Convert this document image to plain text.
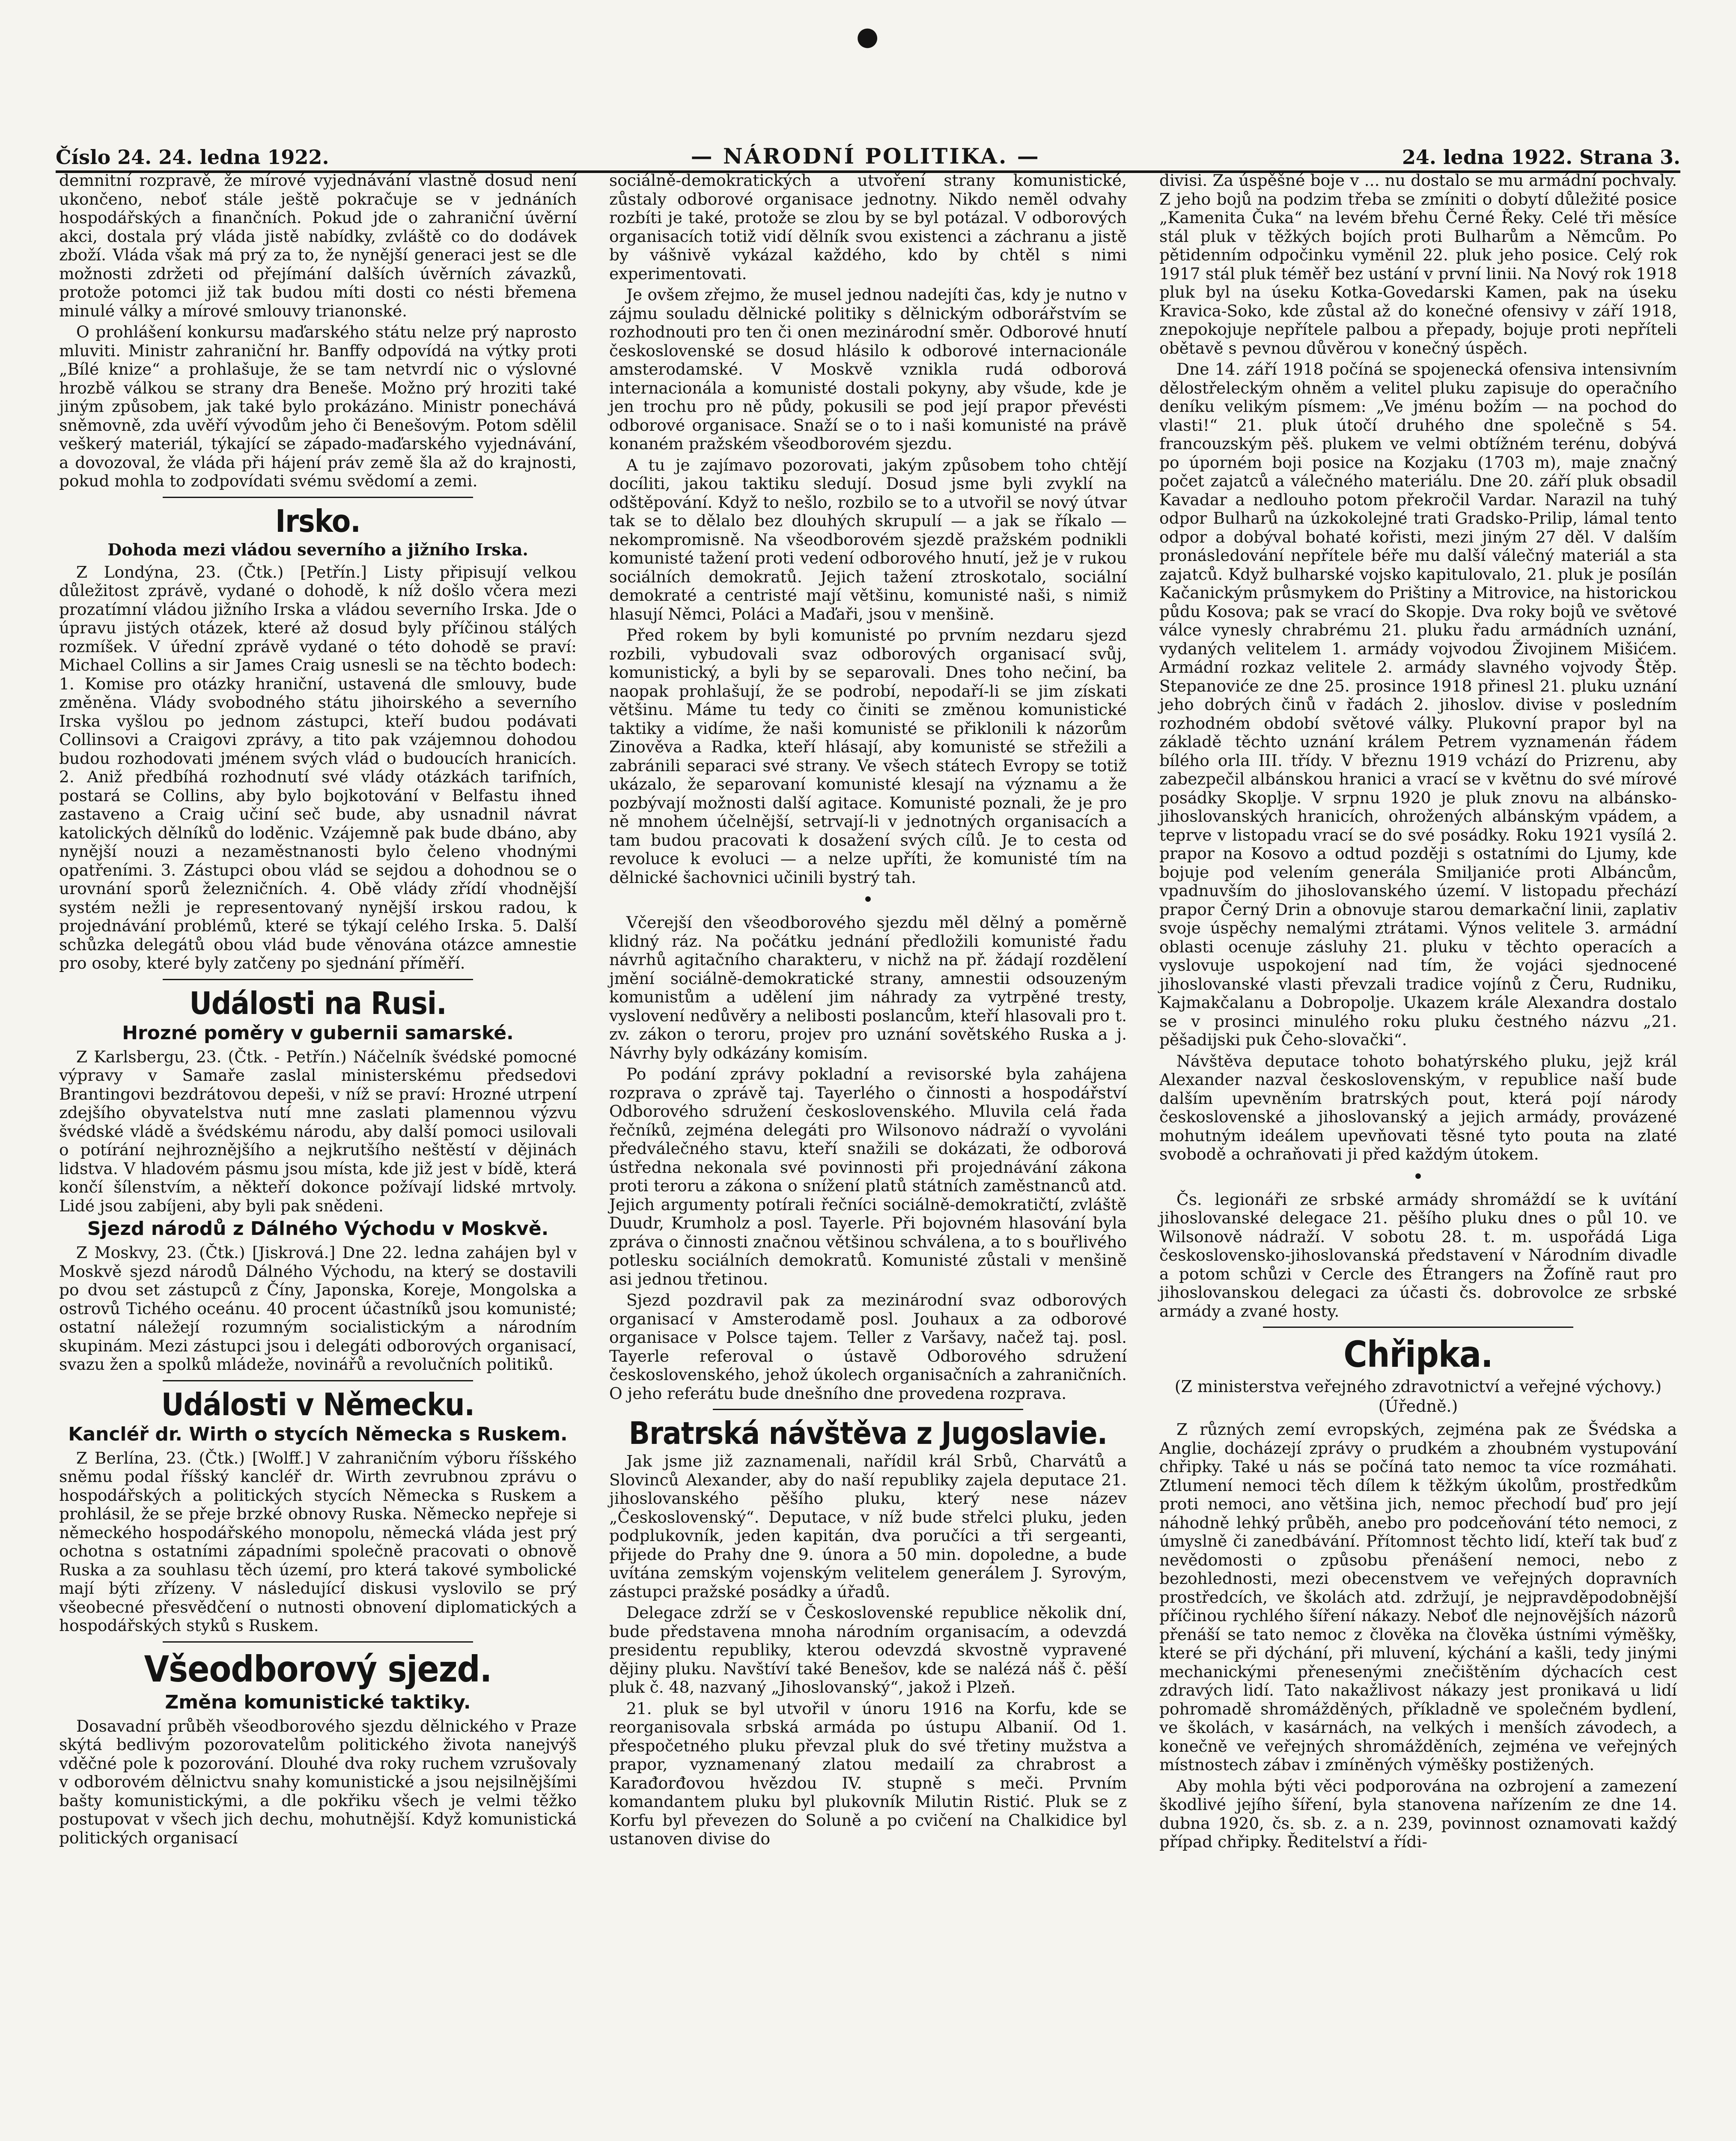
●
Číslo 24. 24. ledna 1922.	— NÁRODNÍ POLITIKA. —	24. ledna 1922. Strana 3.

demnitní rozpravě, že mírové vyjednávání vlastně dosud není ukončeno, neboť stále ještě pokračuje se v jednáních hospodářských a finančních. Pokud jde o zahraniční úvěrní akci, dostala prý vláda jistě nabídky, zvláště co do dodávek zboží. Vláda však má prý za to, že nynější generaci jest se dle možnosti zdržeti od přejímání dalších úvěrních závazků, protože potomci již tak budou míti dosti co nésti břemena minulé války a mírové smlouvy trianonské.

O prohlášení konkursu maďarského státu nelze prý naprosto mluviti. Ministr zahraniční hr. Banffy odpovídá na výtky proti „Bílé knize“ a prohlašuje, že se tam netvrdí nic o výslovné hrozbě válkou se strany dra Beneše. Možno prý hroziti také jiným způsobem, jak také bylo prokázáno. Ministr ponechává sněmovně, zda uvěří vývodům jeho či Benešovým. Potom sdělil veškerý materiál, týkající se západo-maďarského vyjednávání, a dovozoval, že vláda při hájení práv země šla až do krajnosti, pokud mohla to zodpovídati svému svědomí a zemi.

Irsko.
Dohoda mezi vládou severního a jižního Irska.

Z Londýna, 23. (Čtk.) [Petřín.] Listy připisují velkou důležitost zprávě, vydané o dohodě, k níž došlo včera mezi prozatímní vládou jižního Irska a vládou severního Irska. Jde o úpravu jistých otázek, které až dosud byly příčinou stálých rozmíšek. V úřední zprávě vydané o této dohodě se praví: Michael Collins a sir James Craig usnesli se na těchto bodech: 1. Komise pro otázky hraniční, ustavená dle smlouvy, bude změněna. Vlády svobodného státu jihoirského a severního Irska vyšlou po jednom zástupci, kteří budou podávati Collinsovi a Craigovi zprávy, a tito pak vzájemnou dohodou budou rozhodovati jménem svých vlád o budoucích hranicích. 2. Aniž předbíhá rozhodnutí své vlády otázkách tarifních, postará se Collins, aby bylo bojkotování v Belfastu ihned zastaveno a Craig učiní seč bude, aby usnadnil návrat katolických dělníků do loděnic. Vzájemně pak bude dbáno, aby nynější nouzi a nezaměstnanosti bylo čeleno vhodnými opatřeními. 3. Zástupci obou vlád se sejdou a dohodnou se o urovnání sporů železničních. 4. Obě vlády zřídí vhodnější systém nežli je representovaný nynější irskou radou, k projednávání problémů, které se týkají celého Irska. 5. Další schůzka delegátů obou vlád bude věnována otázce amnestie pro osoby, které byly zatčeny po sjednání příměří.

Události na Rusi.
Hrozné poměry v gubernii samarské.

Z Karlsbergu, 23. (Čtk. - Petřín.) Náčelník švédské pomocné výpravy v Samaře zaslal ministerskému předsedovi Brantingovi bezdrátovou depeši, v níž se praví: Hrozné utrpení zdejšího obyvatelstva nutí mne zaslati plamennou výzvu švédské vládě a švédskému národu, aby další pomoci usilovali o potírání nejhroznějšího a nejkrutšího neštěstí v dějinách lidstva. V hladovém pásmu jsou místa, kde již jest v bídě, která končí šílenstvím, a někteří dokonce požívají lidské mrtvoly. Lidé jsou zabíjeni, aby byli pak snědeni.

Sjezd národů z Dálného Východu v Moskvě.

Z Moskvy, 23. (Čtk.) [Jiskrová.] Dne 22. ledna zahájen byl v Moskvě sjezd národů Dálného Východu, na který se dostavili po dvou set zástupců z Číny, Japonska, Koreje, Mongolska a ostrovů Tichého oceánu. 40 procent účastníků jsou komunisté; ostatní náležejí rozumným socialistickým a národním skupinám. Mezi zástupci jsou i delegáti odborových organisací, svazu žen a spolků mládeže, novinářů a revolučních politiků.

Události v Německu.
Kancléř dr. Wirth o stycích Německa s Ruskem.

Z Berlína, 23. (Čtk.) [Wolff.] V zahraničním výboru říšského sněmu podal říšský kancléř dr. Wirth zevrubnou zprávu o hospodářských a politických stycích Německa s Ruskem a prohlásil, že se přeje brzké obnovy Ruska. Německo nepřeje si německého hospodářského monopolu, německá vláda jest prý ochotna s ostatními západními společně pracovati o obnově Ruska a za souhlasu těch území, pro která takové symbolické mají býti zřízeny. V následující diskusi vyslovilo se prý všeobecné přesvědčení o nutnosti obnovení diplomatických a hospodářských styků s Ruskem.

Všeodborový sjezd.
Změna komunistické taktiky.

Dosavadní průběh všeodborového sjezdu dělnického v Praze skýtá bedlivým pozorovatelům politického života nanejvýš vděčné pole k pozorování. Dlouhé dva roky ruchem vzrušovaly v odborovém dělnictvu snahy komunistické a jsou nejsilnějšími bašty komunistickými, a dle pokřiku všech je velmi těžko postupovat v všech jich dechu, mohutnější. Když komunistická politických organisací

sociálně-demokratických a utvoření strany komunistické, zůstaly odborové organisace jednotny. Nikdo neměl odvahy rozbíti je také, protože se zlou by se byl potázal. V odborových organisacích totiž vidí dělník svou existenci a záchranu a jistě by vášnivě vykázal každého, kdo by chtěl s nimi experimentovati.

Je ovšem zřejmo, že musel jednou nadejíti čas, kdy je nutno v zájmu souladu dělnické politiky s dělnickým odborářstvím se rozhodnouti pro ten či onen mezinárodní směr. Odborové hnutí československé se dosud hlásilo k odborové internacionále amsterodamské. V Moskvě vznikla rudá odborová internacionála a komunisté dostali pokyny, aby všude, kde je jen trochu pro ně půdy, pokusili se pod její prapor převésti odborové organisace. Snaží se o to i naši komunisté na právě konaném pražském všeodborovém sjezdu.

A tu je zajímavo pozorovati, jakým způsobem toho chtějí docíliti, jakou taktiku sledují. Dosud jsme byli zvyklí na odštěpování. Když to nešlo, rozbilo se to a utvořil se nový útvar tak se to dělalo bez dlouhých skrupulí — a jak se říkalo — nekompromisně. Na všeodborovém sjezdě pražském podnikli komunisté tažení proti vedení odborového hnutí, jež je v rukou sociálních demokratů. Jejich tažení ztroskotalo, sociální demokraté a centristé mají většinu, komunisté naši, s nimiž hlasují Němci, Poláci a Maďaři, jsou v menšině.

Před rokem by byli komunisté po prvním nezdaru sjezd rozbili, vybudovali svaz odborových organisací svůj, komunistický, a byli by se separovali. Dnes toho nečiní, ba naopak prohlašují, že se podrobí, nepodaří-li se jim získati většinu. Máme tu tedy co činiti se změnou komunistické taktiky a vidíme, že naši komunisté se přiklonili k názorům Zinověva a Radka, kteří hlásají, aby komunisté se střežili a zabránili separaci své strany. Ve všech státech Evropy se totiž ukázalo, že separovaní komunisté klesají na významu a že pozbývají možnosti další agitace. Komunisté poznali, že je pro ně mnohem účelnější, setrvají-li v jednotných organisacích a tam budou pracovati k dosažení svých cílů. Je to cesta od revoluce k evoluci — a nelze upříti, že komunisté tím na dělnické šachovnici učinili bystrý tah.

•

Včerejší den všeodborového sjezdu měl dělný a poměrně klidný ráz. Na počátku jednání předložili komunisté řadu návrhů agitačního charakteru, v nichž na př. žádají rozdělení jmění sociálně-demokratické strany, amnestii odsouzeným komunistům a udělení jim náhrady za vytrpěné tresty, vyslovení nedůvěry a nelibosti poslancům, kteří hlasovali pro t. zv. zákon o teroru, projev pro uznání sovětského Ruska a j. Návrhy byly odkázány komisím.

Po podání zprávy pokladní a revisorské byla zahájena rozprava o zprávě taj. Tayerlého o činnosti a hospodářství Odborového sdružení československého. Mluvila celá řada řečníků, zejména delegáti pro Wilsonovo nádraží o vyvoláni předválečného stavu, kteří snažili se dokázati, že odborová ústředna nekonala své povinnosti při projednávání zákona proti teroru a zákona o snížení platů státních zaměstnanců atd. Jejich argumenty potírali řečníci sociálně-demokratičtí, zvláště Duudr, Krumholz a posl. Tayerle. Při bojovném hlasování byla zpráva o činnosti značnou většinou schválena, a to s bouřlivého potlesku sociálních demokratů. Komunisté zůstali v menšině asi jednou třetinou.

Sjezd pozdravil pak za mezinárodní svaz odborových organisací v Amsterodamě posl. Jouhaux a za odborové organisace v Polsce tajem. Teller z Varšavy, načež taj. posl. Tayerle referoval o ústavě Odborového sdružení československého, jehož úkolech organisačních a zahraničních. O jeho referátu bude dnešního dne provedena rozprava.

Bratrská návštěva z Jugoslavie.

Jak jsme již zaznamenali, nařídil král Srbů, Charvátů a Slovinců Alexander, aby do naší republiky zajela deputace 21. jihoslovanského pěšího pluku, který nese název „Československý“. Deputace, v níž bude střelci pluku, jeden podplukovník, jeden kapitán, dva poručíci a tři sergeanti, přijede do Prahy dne 9. února a 50 min. dopoledne, a bude uvítána zemským vojenským velitelem generálem J. Syrovým, zástupci pražské posádky a úřadů.

Delegace zdrží se v Československé republice několik dní, bude představena mnoha národním organisacím, a odevzdá presidentu republiky, kterou odevzdá skvostně vypravené dějiny pluku. Navštíví také Benešov, kde se nalézá náš č. pěší pluk č. 48, nazvaný „Jihoslovanský“, jakož i Plzeň.

21. pluk se byl utvořil v únoru 1916 na Korfu, kde se reorganisovala srbská armáda po ústupu Albanií. Od 1. přespočetného pluku převzal pluk do své třetiny mužstva a prapor, vyznamenaný zlatou medailí za chrabrost a Karađorđovou hvězdou IV. stupně s meči. Prvním komandantem pluku byl plukovník Milutin Ristić. Pluk se z Korfu byl převezen do Soluně a po cvičení na Chalkidice byl ustanoven divise do

divisi. Za úspěšné boje v ... nu dostalo se mu armádní pochvaly. Z jeho bojů na podzim třeba se zmíniti o dobytí důležité posice „Kamenita Čuka“ na levém břehu Černé Řeky. Celé tři měsíce stál pluk v těžkých bojích proti Bulharům a Němcům. Po pětidenním odpočinku vyměnil 22. pluk jeho posice. Celý rok 1917 stál pluk téměř bez ustání v první linii. Na Nový rok 1918 pluk byl na úseku Kotka-Govedarski Kamen, pak na úseku Kravica-Soko, kde zůstal až do konečné ofensivy v září 1918, znepokojuje nepřítele palbou a přepady, bojuje proti nepříteli obětavě s pevnou důvěrou v konečný úspěch.

Dne 14. září 1918 počíná se spojenecká ofensiva intensivním dělostřeleckým ohněm a velitel pluku zapisuje do operačního deníku velikým písmem: „Ve jménu božím — na pochod do vlasti!“ 21. pluk útočí druhého dne společně s 54. francouzským pěš. plukem ve velmi obtížném terénu, dobývá po úporném boji posice na Kozjaku (1703 m), maje značný počet zajatců a válečného materiálu. Dne 20. září pluk obsadil Kavadar a nedlouho potom překročil Vardar. Narazil na tuhý odpor Bulharů na úzkokolejné trati Gradsko-Prilip, lámal tento odpor a dobýval bohaté kořisti, mezi jiným 27 děl. V dalším pronásledování nepřítele béře mu další válečný materiál a sta zajatců. Když bulharské vojsko kapitulovalo, 21. pluk je posílán Kačanickým průsmykem do Prištiny a Mitrovice, na historickou půdu Kosova; pak se vrací do Skopje. Dva roky bojů ve světové válce vynesly chrabrému 21. pluku řadu armádních uznání, vydaných velitelem 1. armády vojvodou Živojinem Mišićem. Armádní rozkaz velitele 2. armády slavného vojvody Štěp. Stepanoviće ze dne 25. prosince 1918 přinesl 21. pluku uznání jeho dobrých činů v řadách 2. jihoslov. divise v posledním rozhodném období světové války. Plukovní prapor byl na základě těchto uznání králem Petrem vyznamenán řádem bílého orla III. třídy. V březnu 1919 vchází do Prizrenu, aby zabezpečil albánskou hranici a vrací se v květnu do své mírové posádky Skoplje. V srpnu 1920 je pluk znovu na albánsko-jihoslovanských hranicích, ohrožených albánským vpádem, a teprve v listopadu vrací se do své posádky. Roku 1921 vysílá 2. prapor na Kosovo a odtud později s ostatními do Ljumy, kde bojuje pod velením generála Smiljaniće proti Albáncům, vpadnuvším do jihoslovanského území. V listopadu přechází prapor Černý Drin a obnovuje starou demarkační linii, zaplativ svoje úspěchy nemalými ztrátami. Výnos velitele 3. armádní oblasti ocenuje zásluhy 21. pluku v těchto operacích a vyslovuje uspokojení nad tím, že vojáci sjednocené jihoslovanské vlasti převzali tradice vojínů z Čeru, Rudniku, Kajmakčalanu a Dobropolje. Ukazem krále Alexandra dostalo se v prosinci minulého roku pluku čestného názvu „21. pěšadijski puk Čeho-slovački“.

Návštěva deputace tohoto bohatýrského pluku, jejž král Alexander nazval československým, v republice naší bude dalším upevněním bratrských pout, která pojí národy československé a jihoslovanský a jejich armády, provázené mohutným ideálem upevňovati těsné tyto pouta na zlaté svobodě a ochraňovati ji před každým útokem.

•

Čs. legionáři ze srbské armády shromáždí se k uvítání jihoslovanské delegace 21. pěšího pluku dnes o půl 10. ve Wilsonově nádraží. V sobotu 28. t. m. uspořádá Liga československo-jihoslovanská představení v Národním divadle a potom schůzi v Cercle des Étrangers na Žofíně raut pro jihoslovanskou delegaci za účasti čs. dobrovolce ze srbské armády a zvané hosty.

Chřipka.
(Z ministerstva veřejného zdravotnictví a veřejné výchovy.) (Úředně.)

Z různých zemí evropských, zejména pak ze Švédska a Anglie, docházejí zprávy o prudkém a zhoubném vystupování chřipky. Také u nás se počíná tato nemoc ta více rozmáhati. Ztlumení nemoci těch dílem k těžkým úkolům, prostředkům proti nemoci, ano většina jich, nemoc přechodí buď pro její náhodně lehký průběh, anebo pro podceňování této nemoci, z úmyslně či zanedbávání. Přítomnost těchto lidí, kteří tak buď z nevědomosti o způsobu přenášení nemoci, nebo z bezohlednosti, mezi obecenstvem ve veřejných dopravních prostředcích, ve školách atd. zdržují, je nejpravděpodobnější příčinou rychlého šíření nákazy. Neboť dle nejnovějších názorů přenáší se tato nemoc z člověka na člověka ústními výměšky, které se při dýchání, při mluvení, kýchání a kašli, tedy jinými mechanickými přenesenými znečištěním dýchacích cest zdravých lidí. Tato nakažlivost nákazy jest pronikavá u lidí pohromadě shromážděných, příkladně ve společném bydlení, ve školách, v kasárnách, na velkých i menších závodech, a konečně ve veřejných shromážděních, zejména ve veřejných místnostech zábav i zmíněných výměšky postižených.

Aby mohla býti věci podporována na ozbrojení a zamezení škodlivé jejího šíření, byla stanovena nařízením ze dne 14. dubna 1920, čs. sb. z. a n. 239, povinnost oznamovati každý případ chřipky. Ředitelství a řídi-
